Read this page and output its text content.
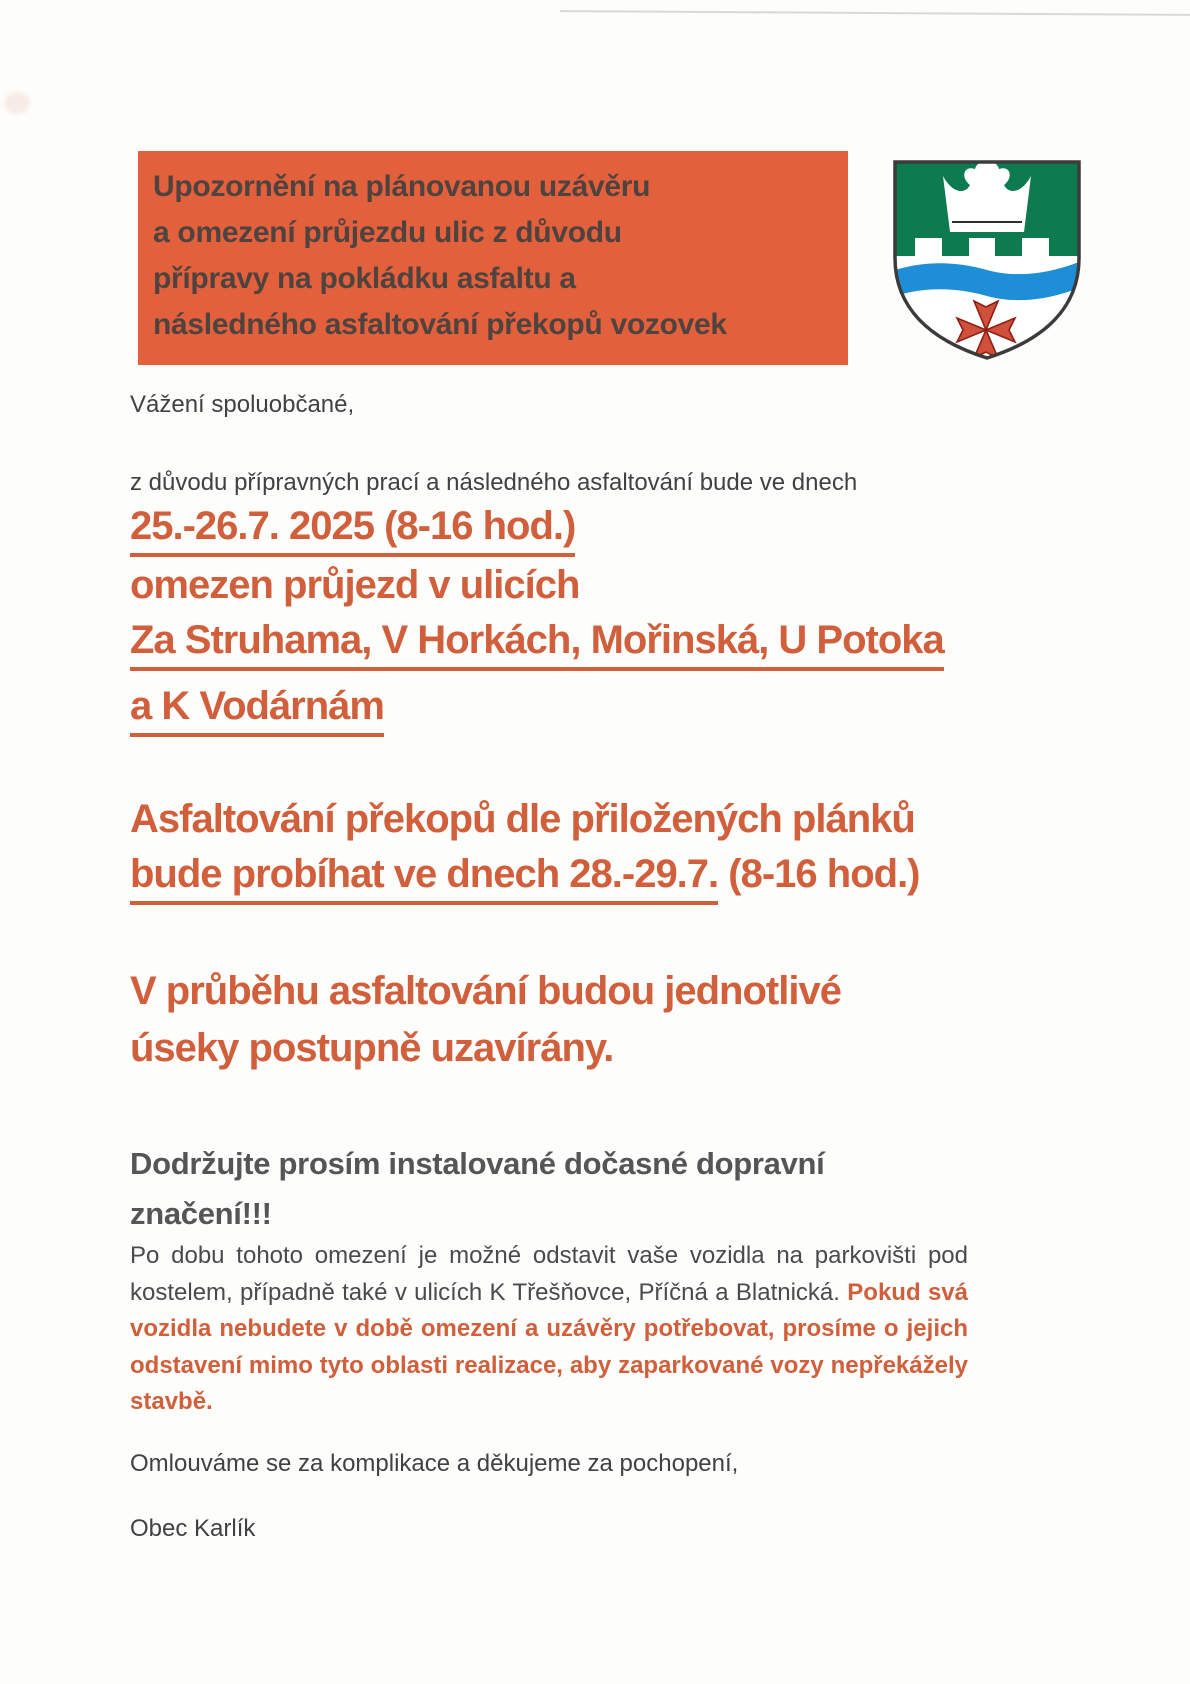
Upozornění na plánovanou uzávěru
a omezení průjezdu ulic z důvodu
přípravy na pokládku asfaltu a
následného asfaltování překopů vozovek
Vážení spoluobčané,
z důvodu přípravných prací a následného asfaltování bude ve dnech
25.-26.7. 2025 (8-16 hod.)
omezen průjezd v ulicích
Za Struhama, V Horkách, Mořinská, U Potoka
a K Vodárnám
Asfaltování překopů dle přiložených plánků
bude probíhat ve dnech 28.-29.7. (8-16 hod.)
V průběhu asfaltování budou jednotlivé
úseky postupně uzavírány.
Dodržujte prosím instalované dočasné dopravní
značení!!!
Po dobu tohoto omezení je možné odstavit vaše vozidla na parkovišti pod kostelem, případně také v ulicích K Třešňovce, Příčná a Blatnická. Pokud svá vozidla nebudete v době omezení a uzávěry potřebovat, prosíme o jejich odstavení mimo tyto oblasti realizace, aby zaparkované vozy nepřekážely stavbě.
Omlouváme se za komplikace a děkujeme za pochopení,
Obec Karlík
